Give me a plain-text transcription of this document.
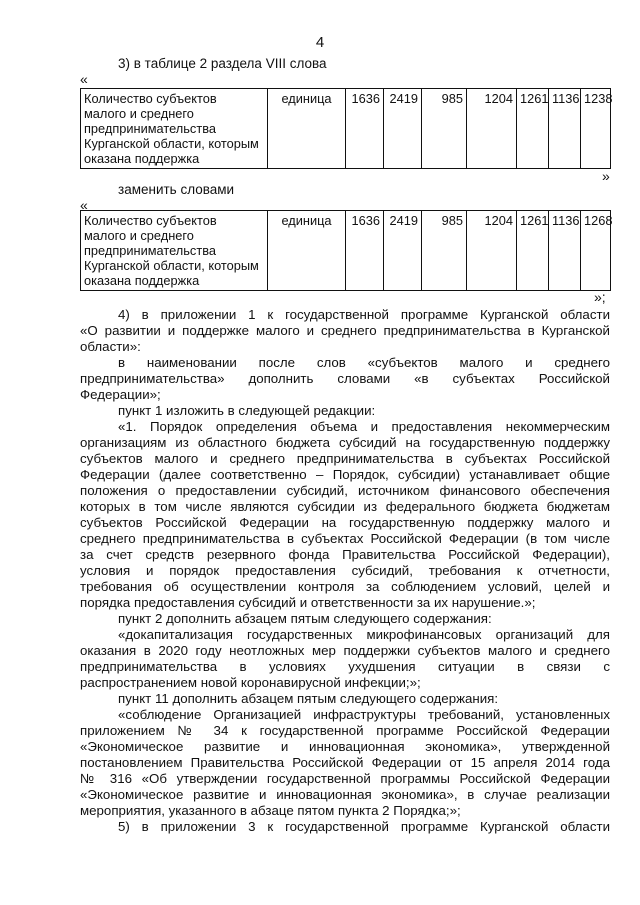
4
3) в таблице 2 раздела VIII слова
«
Количество субъектов
малого и среднего
предпринимательства
Курганской области, которым
оказана поддержка
	единица	1636	2419	985	1204	1261	1136	1238
»
заменить словами
«
Количество субъектов
малого и среднего
предпринимательства
Курганской области, которым
оказана поддержка
	единица	1636	2419	985	1204	1261	1136	1268
»;
4) в приложении 1 к государственной программе Курганской области
«О развитии и поддержке малого и среднего предпринимательства в Курганской
области»:
в наименовании после слов «субъектов малого и среднего
предпринимательства» дополнить словами «в субъектах Российской
Федерации»;
пункт 1 изложить в следующей редакции:
«1. Порядок определения объема и предоставления некоммерческим
организациям из областного бюджета субсидий на государственную поддержку
субъектов малого и среднего предпринимательства в субъектах Российской
Федерации (далее соответственно – Порядок, субсидии) устанавливает общие
положения о предоставлении субсидий, источником финансового обеспечения
которых в том числе являются субсидии из федерального бюджета бюджетам
субъектов Российской Федерации на государственную поддержку малого и
среднего предпринимательства в субъектах Российской Федерации (в том числе
за счет средств резервного фонда Правительства Российской Федерации),
условия и порядок предоставления субсидий, требования к отчетности,
требования об осуществлении контроля за соблюдением условий, целей и
порядка предоставления субсидий и ответственности за их нарушение.»;
пункт 2 дополнить абзацем пятым следующего содержания:
«докапитализация государственных микрофинансовых организаций для
оказания в 2020 году неотложных мер поддержки субъектов малого и среднего
предпринимательства в условиях ухудшения ситуации в связи с
распространением новой коронавирусной инфекции;»;
пункт 11 дополнить абзацем пятым следующего содержания:
«соблюдение Организацией инфраструктуры требований, установленных
приложением № 34 к государственной программе Российской Федерации
«Экономическое развитие и инновационная экономика», утвержденной
постановлением Правительства Российской Федерации от 15 апреля 2014 года
№ 316 «Об утверждении государственной программы Российской Федерации
«Экономическое развитие и инновационная экономика», в случае реализации
мероприятия, указанного в абзаце пятом пункта 2 Порядка;»;
5) в приложении 3 к государственной программе Курганской области
